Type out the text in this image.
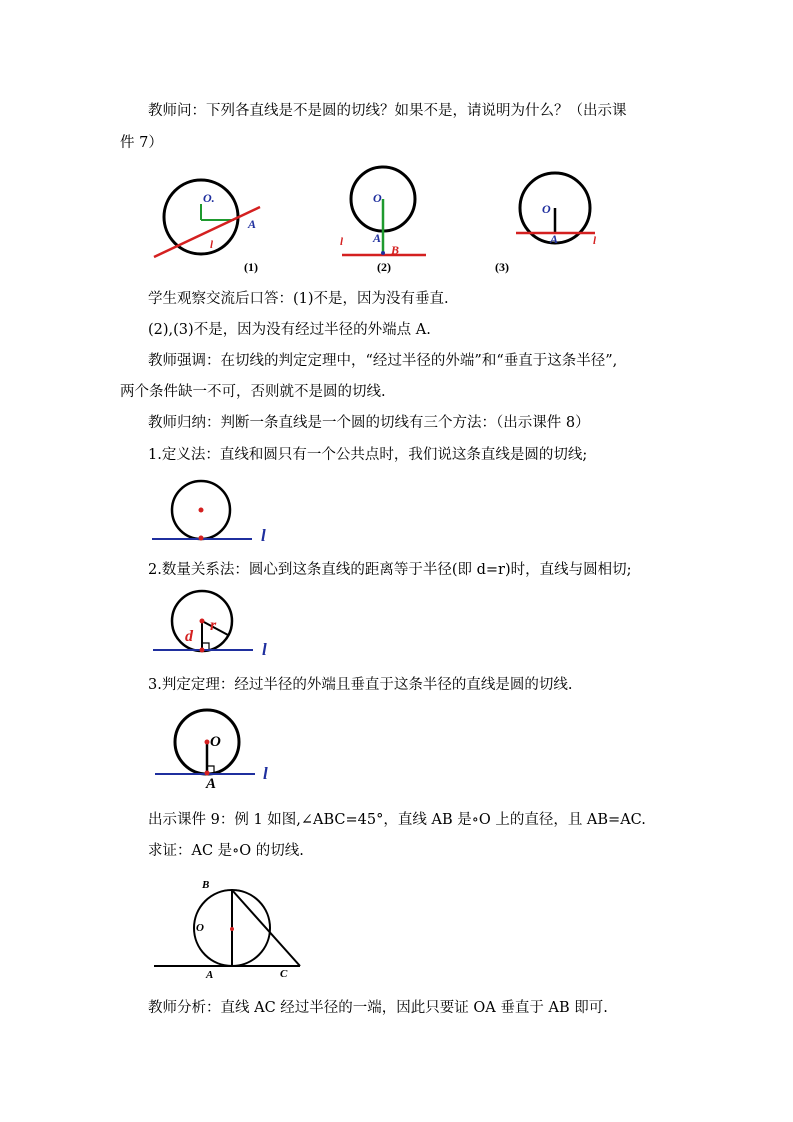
教师问：下列各直线是不是圆的切线？如果不是，请说明为什么？（出示课
件 7）
O.
A
l
(1)
O
A
B
l
(2)
O
A	l
(3)
学生观察交流后口答：(1)不是，因为没有垂直.
(2),(3)不是，因为没有经过半径的外端点 A.
教师强调：在切线的判定定理中，“经过半径的外端”和“垂直于这条半径”,
两个条件缺一不可，否则就不是圆的切线.
教师归纳：判断一条直线是一个圆的切线有三个方法：（出示课件 8）
1.定义法：直线和圆只有一个公共点时，我们说这条直线是圆的切线;
l
2.数量关系法：圆心到这条直线的距离等于半径(即 d=r)时，直线与圆相切;
d
r
l
3.判定定理：经过半径的外端且垂直于这条半径的直线是圆的切线.
O
A
l
出示课件 9：例 1 如图,∠ABC=45°，直线 AB 是∘O 上的直径，且 AB=AC.
求证：AC 是∘O 的切线.
B
O
A	C
教师分析：直线 AC 经过半径的一端，因此只要证 OA 垂直于 AB 即可.
